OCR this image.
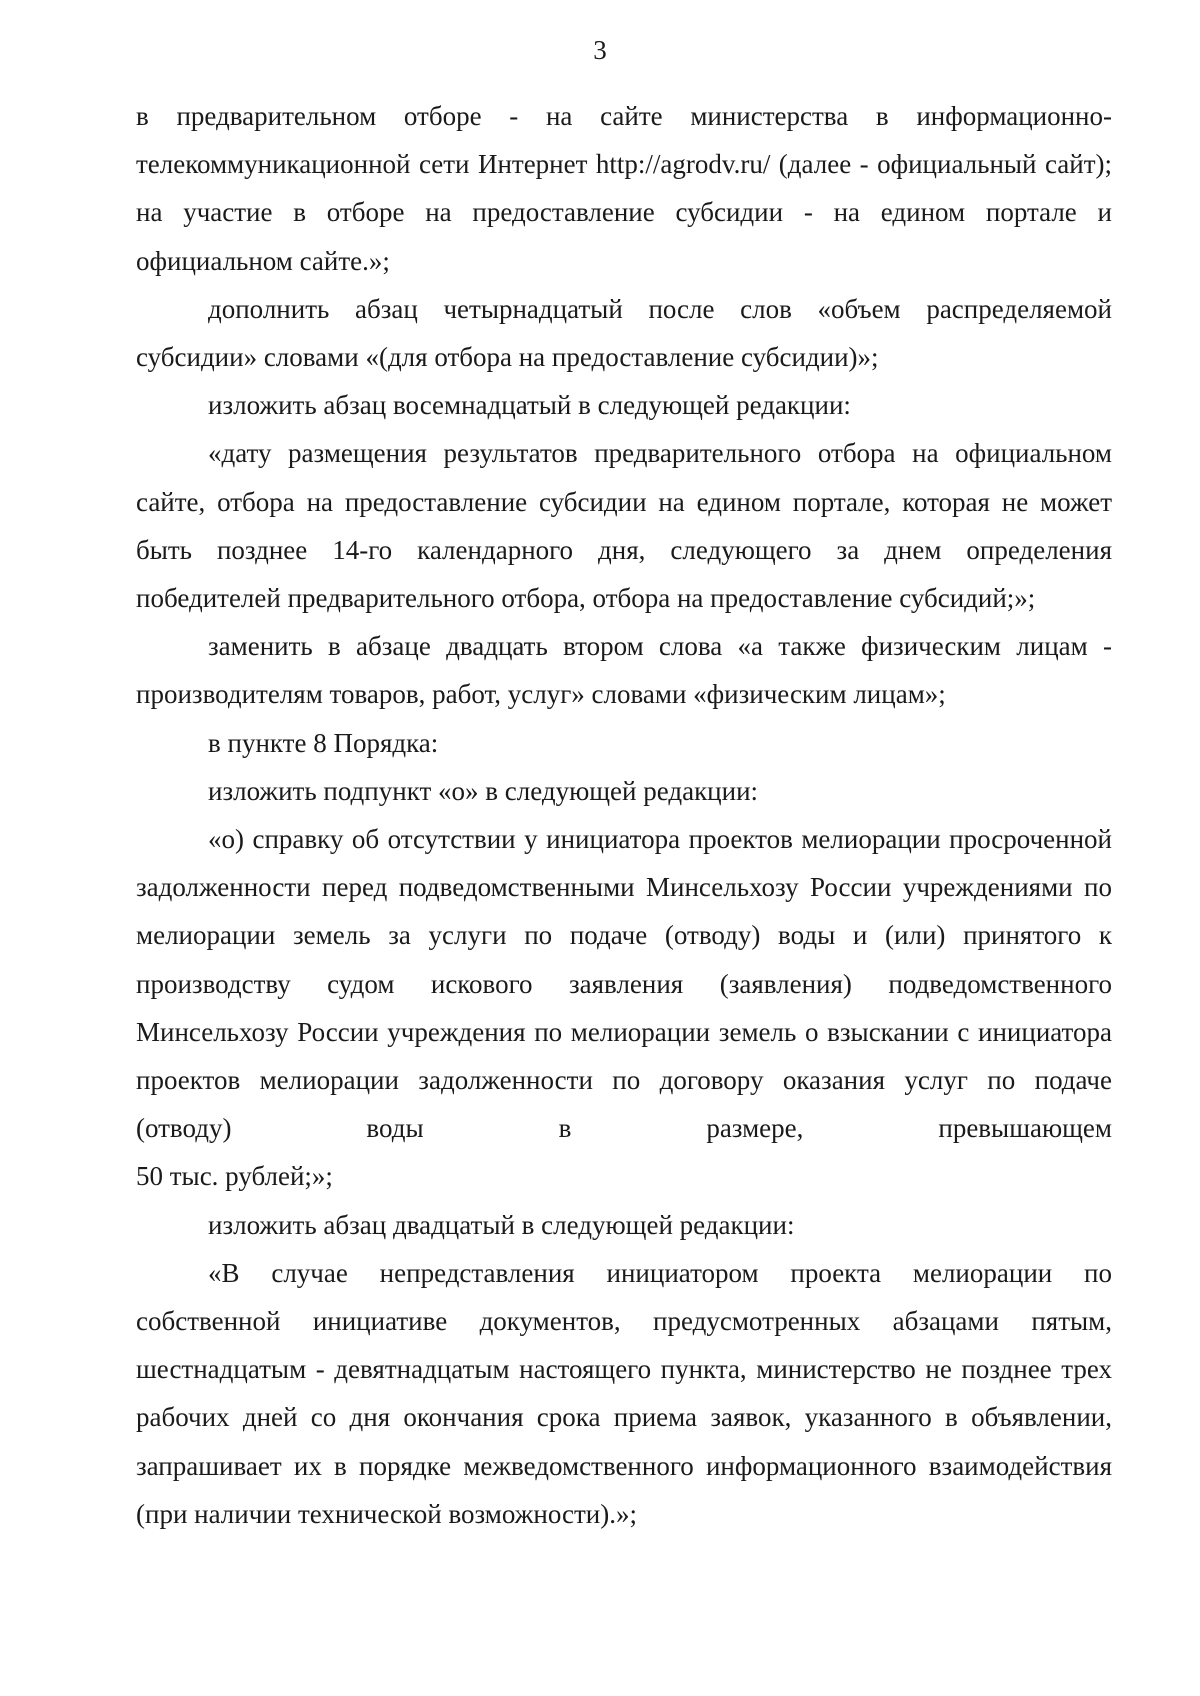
3

в предварительном отборе - на сайте министерства в информационно-телекоммуникационной сети Интернет http://agrodv.ru/ (далее - официальный сайт); на участие в отборе на предоставление субсидии - на едином портале и официальном сайте.»;

дополнить абзац четырнадцатый после слов «объем распределяемой субсидии» словами «(для отбора на предоставление субсидии)»;

изложить абзац восемнадцатый в следующей редакции:

«дату размещения результатов предварительного отбора на официальном сайте, отбора на предоставление субсидии на едином портале, которая не может быть позднее 14-го календарного дня, следующего за днем определения победителей предварительного отбора, отбора на предоставление субсидий;»;

заменить в абзаце двадцать втором слова «а также физическим лицам - производителям товаров, работ, услуг» словами «физическим лицам»;

в пункте 8 Порядка:

изложить подпункт «о» в следующей редакции:

«о) справку об отсутствии у инициатора проектов мелиорации просроченной задолженности перед подведомственными Минсельхозу России учреждениями по мелиорации земель за услуги по подаче (отводу) воды и (или) принятого к производству судом искового заявления (заявления) подведомственного Минсельхозу России учреждения по мелиорации земель о взыскании с инициатора проектов мелиорации задолженности по договору оказания услуг по подаче (отводу) воды в размере, превышающем

50 тыс. рублей;»;

изложить абзац двадцатый в следующей редакции:

«В случае непредставления инициатором проекта мелиорации по собственной инициативе документов, предусмотренных абзацами пятым, шестнадцатым - девятнадцатым настоящего пункта, министерство не позднее трех рабочих дней со дня окончания срока приема заявок, указанного в объявлении, запрашивает их в порядке межведомственного информационного взаимодействия (при наличии технической возможности).»;
